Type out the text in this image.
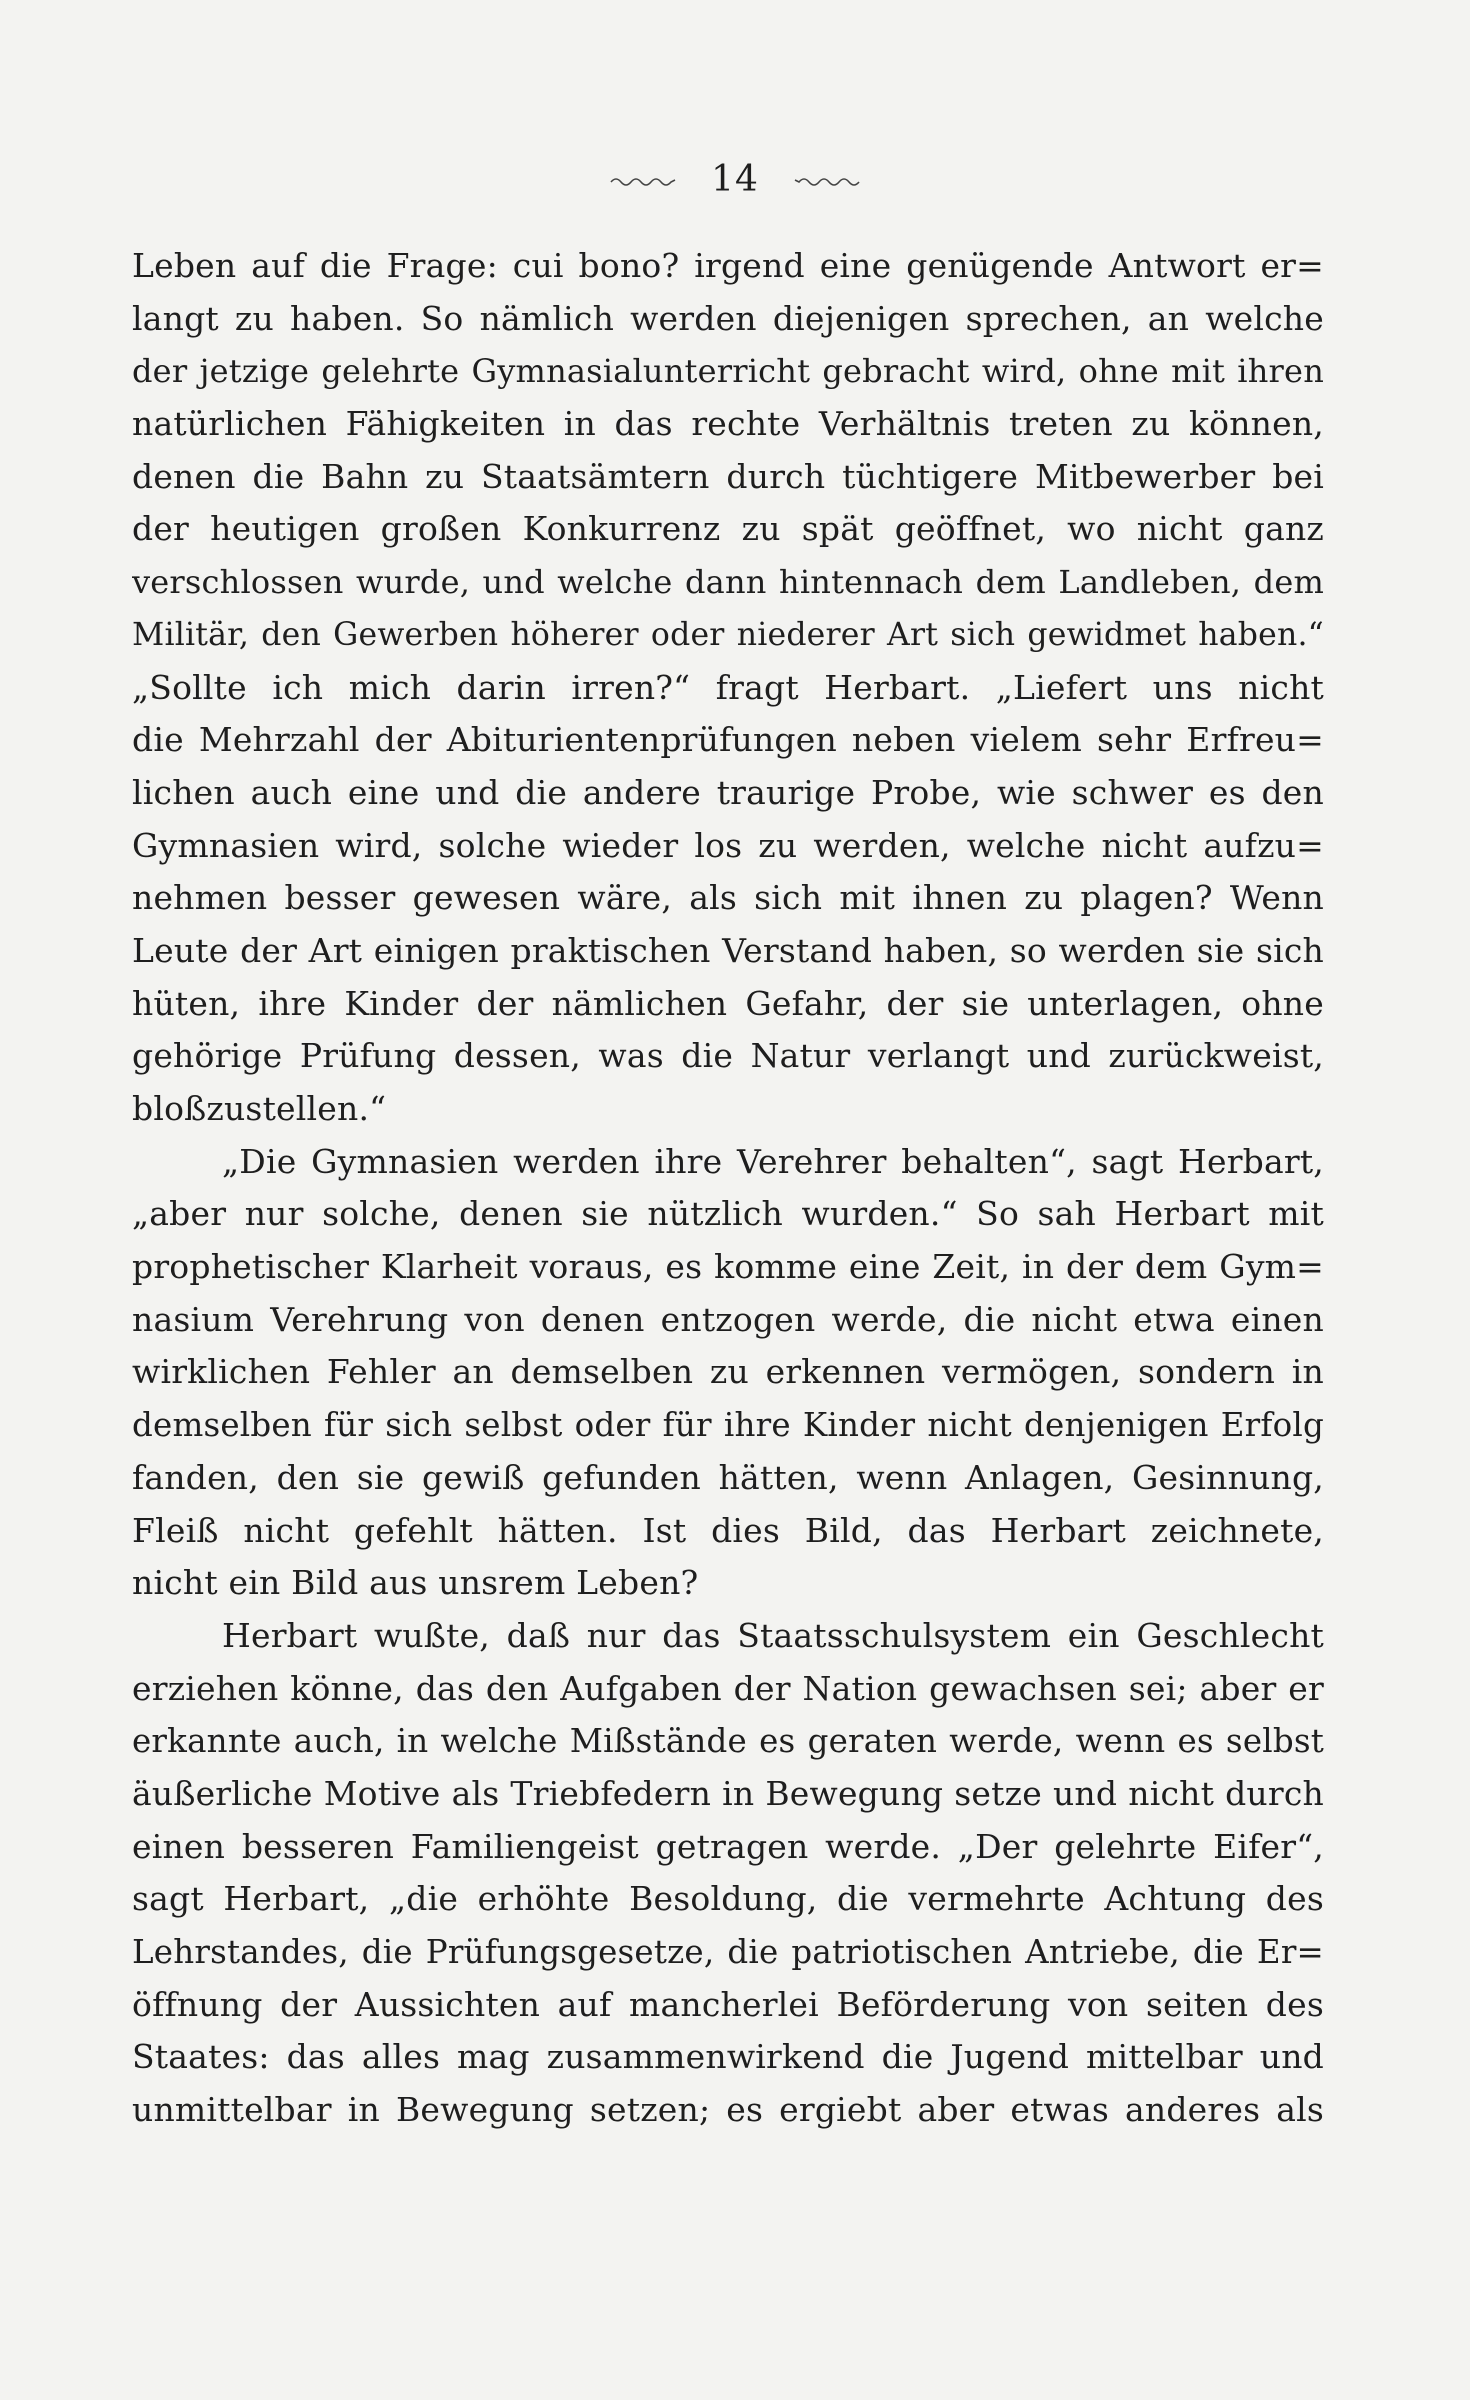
14
Leben auf die Frage: cui bono? irgend eine genügende Antwort er=
langt zu haben. So nämlich werden diejenigen sprechen, an welche
der jetzige gelehrte Gymnasialunterricht gebracht wird, ohne mit ihren
natürlichen Fähigkeiten in das rechte Verhältnis treten zu können,
denen die Bahn zu Staatsämtern durch tüchtigere Mitbewerber bei
der heutigen großen Konkurrenz zu spät geöffnet, wo nicht ganz
verschlossen wurde, und welche dann hintennach dem Landleben, dem
Militär, den Gewerben höherer oder niederer Art sich gewidmet haben.“
„Sollte ich mich darin irren?“ fragt Herbart. „Liefert uns nicht
die Mehrzahl der Abiturientenprüfungen neben vielem sehr Erfreu=
lichen auch eine und die andere traurige Probe, wie schwer es den
Gymnasien wird, solche wieder los zu werden, welche nicht aufzu=
nehmen besser gewesen wäre, als sich mit ihnen zu plagen? Wenn
Leute der Art einigen praktischen Verstand haben, so werden sie sich
hüten, ihre Kinder der nämlichen Gefahr, der sie unterlagen, ohne
gehörige Prüfung dessen, was die Natur verlangt und zurückweist,
bloßzustellen.“
„Die Gymnasien werden ihre Verehrer behalten“, sagt Herbart,
„aber nur solche, denen sie nützlich wurden.“ So sah Herbart mit
prophetischer Klarheit voraus, es komme eine Zeit, in der dem Gym=
nasium Verehrung von denen entzogen werde, die nicht etwa einen
wirklichen Fehler an demselben zu erkennen vermögen, sondern in
demselben für sich selbst oder für ihre Kinder nicht denjenigen Erfolg
fanden, den sie gewiß gefunden hätten, wenn Anlagen, Gesinnung,
Fleiß nicht gefehlt hätten. Ist dies Bild, das Herbart zeichnete,
nicht ein Bild aus unsrem Leben?
Herbart wußte, daß nur das Staatsschulsystem ein Geschlecht
erziehen könne, das den Aufgaben der Nation gewachsen sei; aber er
erkannte auch, in welche Mißstände es geraten werde, wenn es selbst
äußerliche Motive als Triebfedern in Bewegung setze und nicht durch
einen besseren Familiengeist getragen werde. „Der gelehrte Eifer“,
sagt Herbart, „die erhöhte Besoldung, die vermehrte Achtung des
Lehrstandes, die Prüfungsgesetze, die patriotischen Antriebe, die Er=
öffnung der Aussichten auf mancherlei Beförderung von seiten des
Staates: das alles mag zusammenwirkend die Jugend mittelbar und
unmittelbar in Bewegung setzen; es ergiebt aber etwas anderes als
